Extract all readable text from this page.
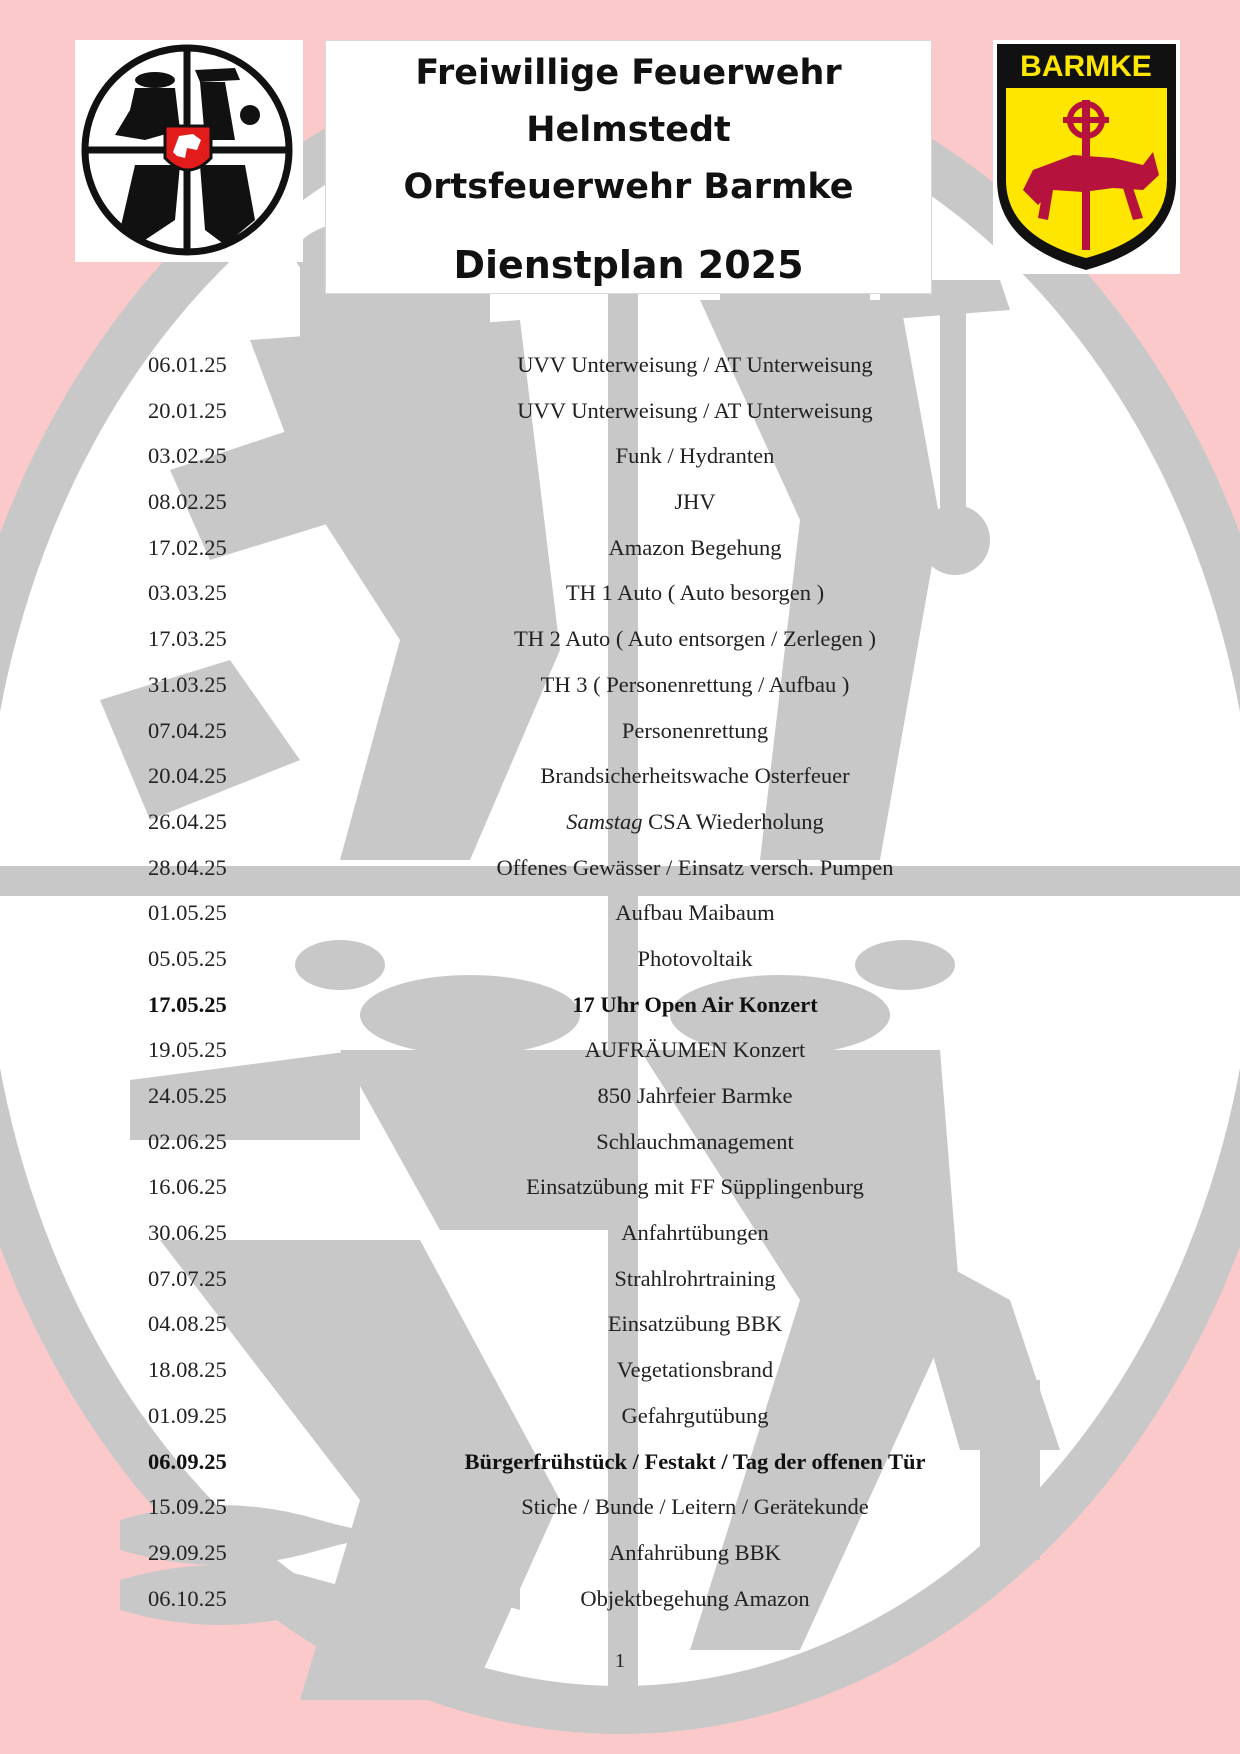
Freiwillige Feuerwehr
Helmstedt
Ortsfeuerwehr Barmke
Dienstplan 2025
BARMKE
06.01.25	UVV Unterweisung / AT Unterweisung
20.01.25	UVV Unterweisung / AT Unterweisung
03.02.25	Funk / Hydranten
08.02.25	JHV
17.02.25	Amazon Begehung
03.03.25	TH 1 Auto ( Auto besorgen )
17.03.25	TH 2 Auto ( Auto entsorgen / Zerlegen )
31.03.25	TH 3 ( Personenrettung / Aufbau )
07.04.25	Personenrettung
20.04.25	Brandsicherheitswache Osterfeuer
26.04.25	Samstag CSA Wiederholung
28.04.25	Offenes Gewässer / Einsatz versch. Pumpen
01.05.25	Aufbau Maibaum
05.05.25	Photovoltaik
17.05.25	17 Uhr Open Air Konzert
19.05.25	AUFRÄUMEN Konzert
24.05.25	850 Jahrfeier Barmke
02.06.25	Schlauchmanagement
16.06.25	Einsatzübung mit FF Süpplingenburg
30.06.25	Anfahrtübungen
07.07.25	Strahlrohrtraining
04.08.25	Einsatzübung BBK
18.08.25	Vegetationsbrand
01.09.25	Gefahrgutübung
06.09.25	Bürgerfrühstück / Festakt / Tag der offenen Tür
15.09.25	Stiche / Bunde / Leitern / Gerätekunde
29.09.25	Anfahrübung BBK
06.10.25	Objektbegehung Amazon
1
